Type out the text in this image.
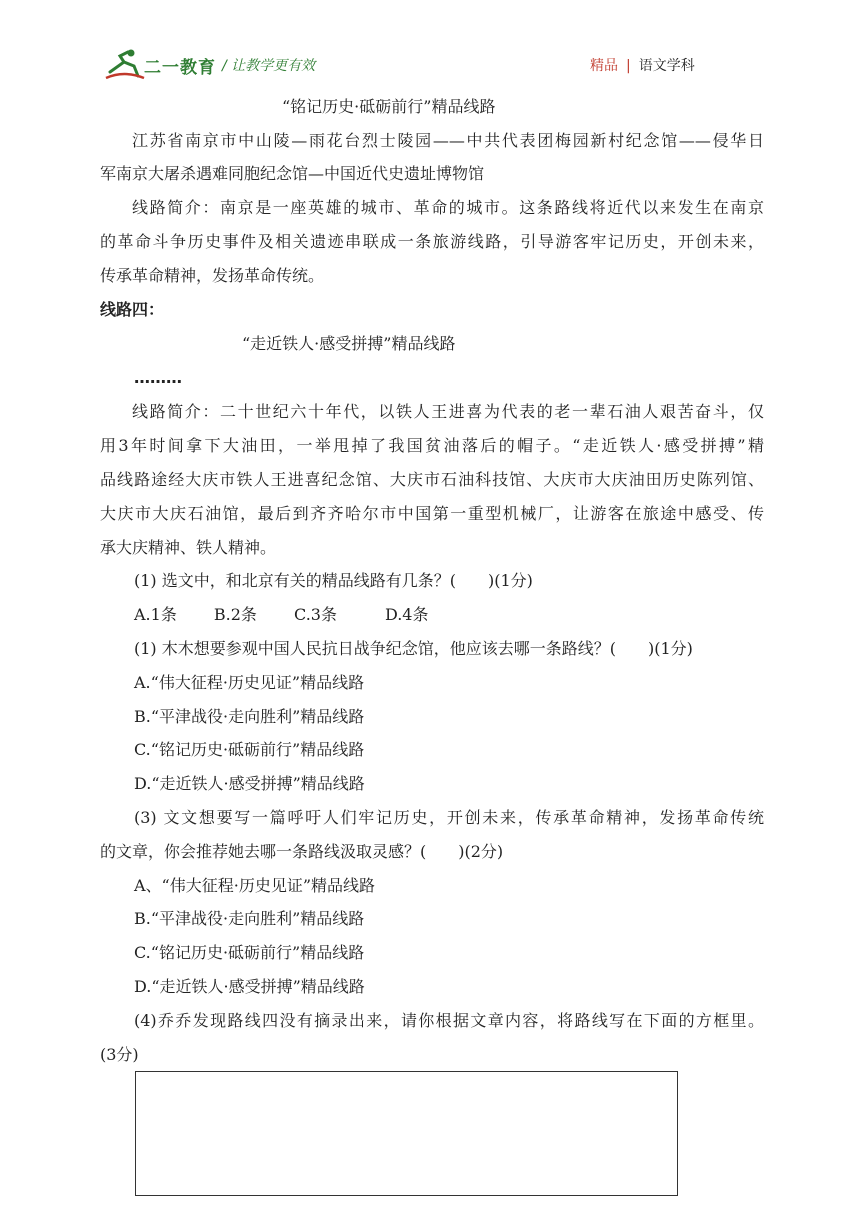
二一教育 / 让教学更有效	精品 | 语文学科
“铭记历史·砥砺前行”精品线路
江苏省南京市中山陵—雨花台烈士陵园——中共代表团梅园新村纪念馆——侵华日
军南京大屠杀遇难同胞纪念馆—中国近代史遗址博物馆
线路简介：南京是一座英雄的城市、革命的城市。这条路线将近代以来发生在南京
的革命斗争历史事件及相关遗迹串联成一条旅游线路，引导游客牢记历史，开创未来，
传承革命精神，发扬革命传统。
线路四：
“走近铁人·感受拼搏”精品线路
………
线路简介：二十世纪六十年代，以铁人王进喜为代表的老一辈石油人艰苦奋斗，仅
用3年时间拿下大油田，一举甩掉了我国贫油落后的帽子。“走近铁人·感受拼搏”精
品线路途经大庆市铁人王进喜纪念馆、大庆市石油科技馆、大庆市大庆油田历史陈列馆、
大庆市大庆石油馆，最后到齐齐哈尔市中国第一重型机械厂，让游客在旅途中感受、传
承大庆精神、铁人精神。
(1) 选文中，和北京有关的精品线路有几条？(　　)(1分)
A.1条　　 B.2条　　 C.3条　　　D.4条
(1) 木木想要参观中国人民抗日战争纪念馆，他应该去哪一条路线？(　　)(1分)
A.“伟大征程·历史见证”精品线路
B.“平津战役·走向胜利”精品线路
C.“铭记历史·砥砺前行”精品线路
D.“走近铁人·感受拼搏”精品线路
(3) 文文想要写一篇呼吁人们牢记历史，开创未来，传承革命精神，发扬革命传统
的文章，你会推荐她去哪一条路线汲取灵感？(　　)(2分)
A、“伟大征程·历史见证”精品线路
B.“平津战役·走向胜利”精品线路
C.“铭记历史·砥砺前行”精品线路
D.“走近铁人·感受拼搏”精品线路
(4)乔乔发现路线四没有摘录出来，请你根据文章内容，将路线写在下面的方框里。
(3分)
